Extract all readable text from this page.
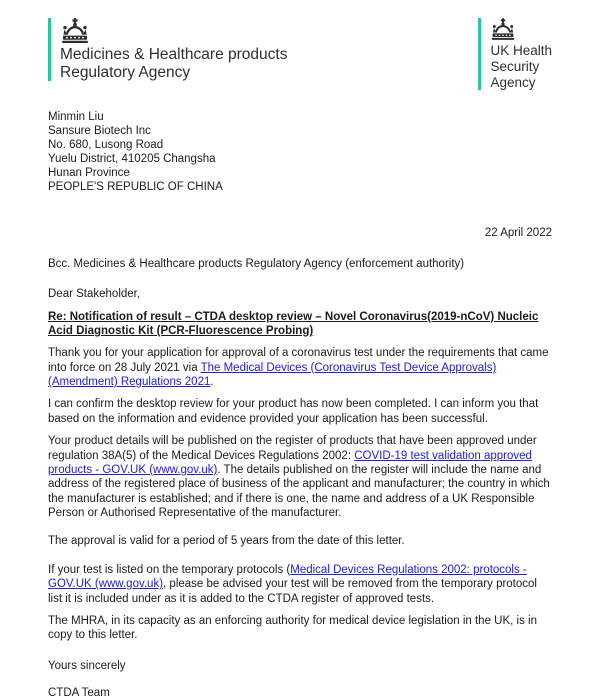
Medicines & Healthcare products
Regulatory Agency
UK Health
Security
Agency
Minmin Liu
Sansure Biotech Inc
No. 680, Lusong Road
Yuelu District, 410205 Changsha
Hunan Province
PEOPLE'S REPUBLIC OF CHINA
22 April 2022
Bcc. Medicines & Healthcare products Regulatory Agency (enforcement authority)
Dear Stakeholder,
Re: Notification of result – CTDA desktop review – Novel Coronavirus(2019-nCoV) Nucleic Acid Diagnostic Kit (PCR-Fluorescence Probing)

Thank you for your application for approval of a coronavirus test under the requirements that came into force on 28 July 2021 via The Medical Devices (Coronavirus Test Device Approvals) (Amendment) Regulations 2021.

I can confirm the desktop review for your product has now been completed. I can inform you that based on the information and evidence provided your application has been successful.

Your product details will be published on the register of products that have been approved under regulation 38A(5) of the Medical Devices Regulations 2002: COVID-19 test validation approved products - GOV.UK (www.gov.uk). The details published on the register will include the name and address of the registered place of business of the applicant and manufacturer; the country in which the manufacturer is established; and if there is one, the name and address of a UK Responsible Person or Authorised Representative of the manufacturer.

The approval is valid for a period of 5 years from the date of this letter.

If your test is listed on the temporary protocols (Medical Devices Regulations 2002: protocols - GOV.UK (www.gov.uk), please be advised your test will be removed from the temporary protocol list it is included under as it is added to the CTDA register of approved tests.

The MHRA, in its capacity as an enforcing authority for medical device legislation in the UK, is in copy to this letter.

Yours sincerely
CTDA Team
